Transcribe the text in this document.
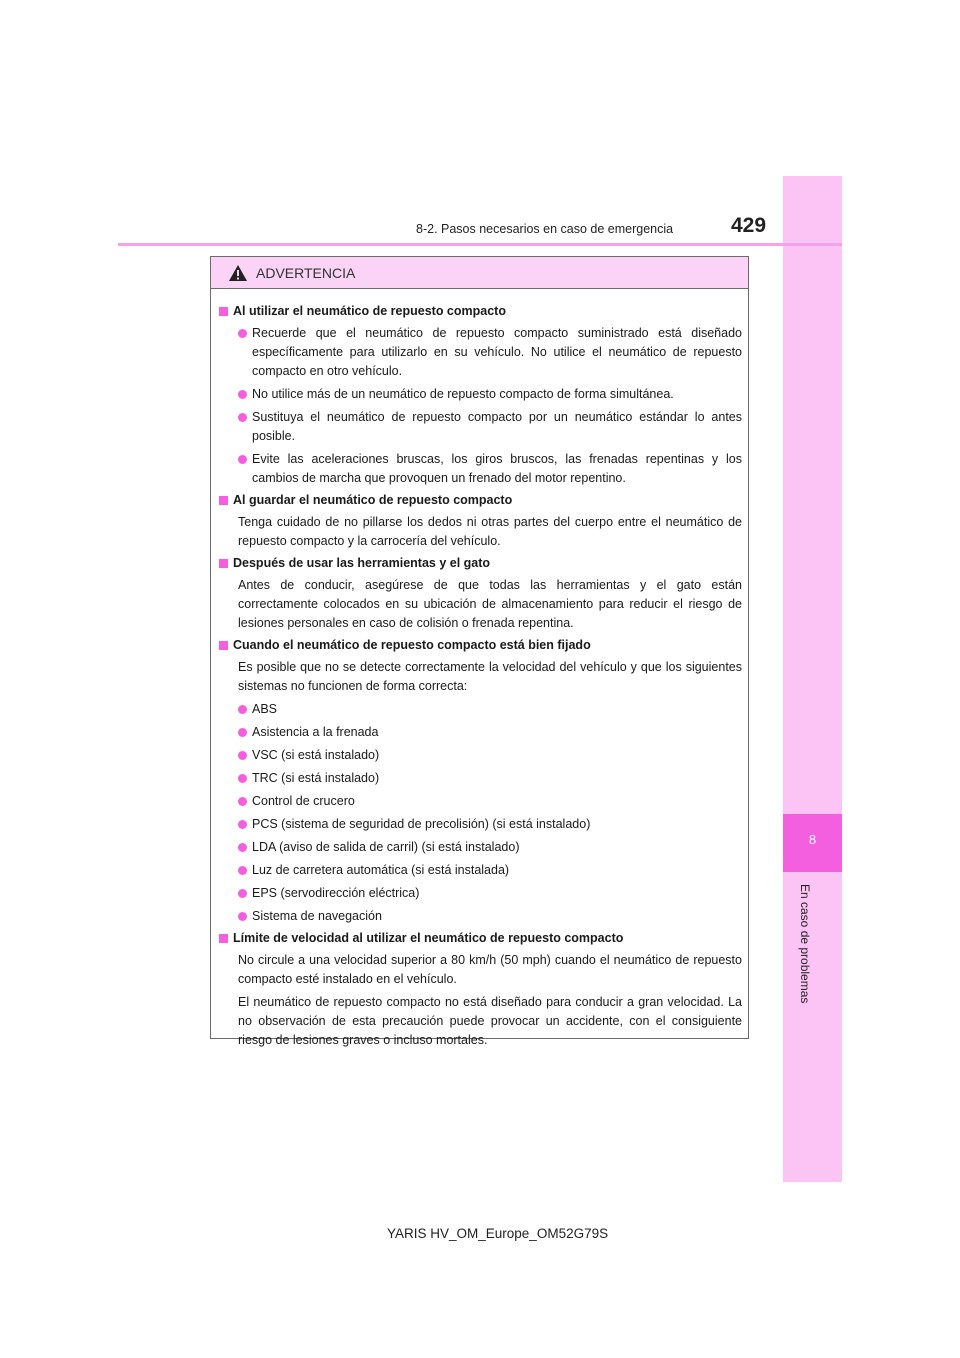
8
En caso de problemas
8-2. Pasos necesarios en caso de emergencia	429
ADVERTENCIA
Al utilizar el neumático de repuesto compacto
Recuerde que el neumático de repuesto compacto suministrado está diseñado específicamente para utilizarlo en su vehículo. No utilice el neumático de repuesto compacto en otro vehículo.
No utilice más de un neumático de repuesto compacto de forma simultánea.
Sustituya el neumático de repuesto compacto por un neumático estándar lo antes posible.
Evite las aceleraciones bruscas, los giros bruscos, las frenadas repentinas y los cambios de marcha que provoquen un frenado del motor repentino.
Al guardar el neumático de repuesto compacto
Tenga cuidado de no pillarse los dedos ni otras partes del cuerpo entre el neumático de repuesto compacto y la carrocería del vehículo.
Después de usar las herramientas y el gato
Antes de conducir, asegúrese de que todas las herramientas y el gato están correctamente colocados en su ubicación de almacenamiento para reducir el riesgo de lesiones personales en caso de colisión o frenada repentina.
Cuando el neumático de repuesto compacto está bien fijado
Es posible que no se detecte correctamente la velocidad del vehículo y que los siguientes sistemas no funcionen de forma correcta:
ABS
Asistencia a la frenada
VSC (si está instalado)
TRC (si está instalado)
Control de crucero
PCS (sistema de seguridad de precolisión) (si está instalado)
LDA (aviso de salida de carril) (si está instalado)
Luz de carretera automática (si está instalada)
EPS (servodirección eléctrica)
Sistema de navegación
Límite de velocidad al utilizar el neumático de repuesto compacto
No circule a una velocidad superior a 80 km/h (50 mph) cuando el neumático de repuesto compacto esté instalado en el vehículo.
El neumático de repuesto compacto no está diseñado para conducir a gran velocidad. La no observación de esta precaución puede provocar un accidente, con el consiguiente riesgo de lesiones graves o incluso mortales.
YARIS HV_OM_Europe_OM52G79S
